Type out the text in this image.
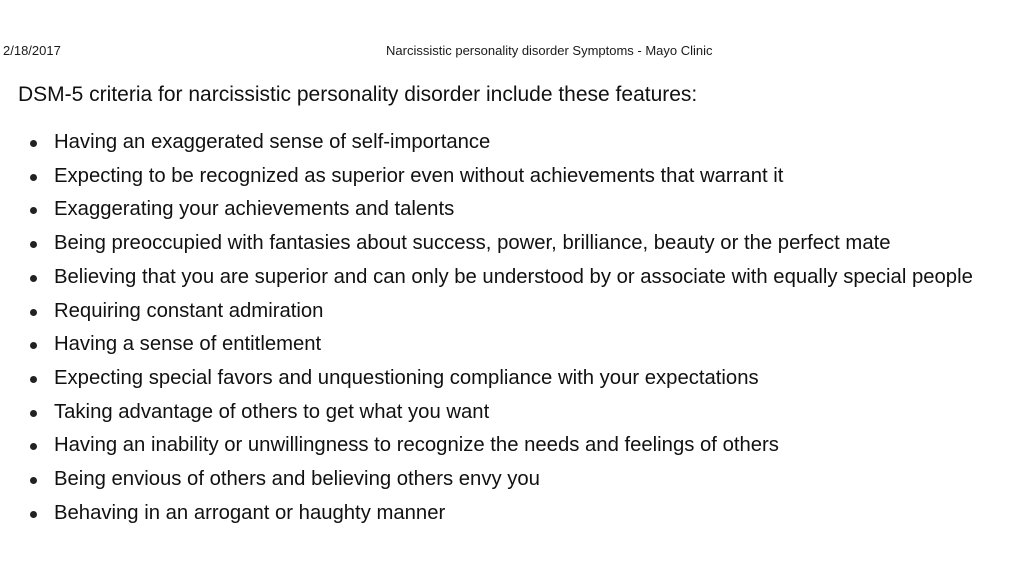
2/18/2017	Narcissistic personality disorder Symptoms - Mayo Clinic

DSM-5 criteria for narcissistic personality disorder include these features:

Having an exaggerated sense of self-importance
Expecting to be recognized as superior even without achievements that warrant it
Exaggerating your achievements and talents
Being preoccupied with fantasies about success, power, brilliance, beauty or the perfect mate
Believing that you are superior and can only be understood by or associate with equally special people
Requiring constant admiration
Having a sense of entitlement
Expecting special favors and unquestioning compliance with your expectations
Taking advantage of others to get what you want
Having an inability or unwillingness to recognize the needs and feelings of others
Being envious of others and believing others envy you
Behaving in an arrogant or haughty manner
